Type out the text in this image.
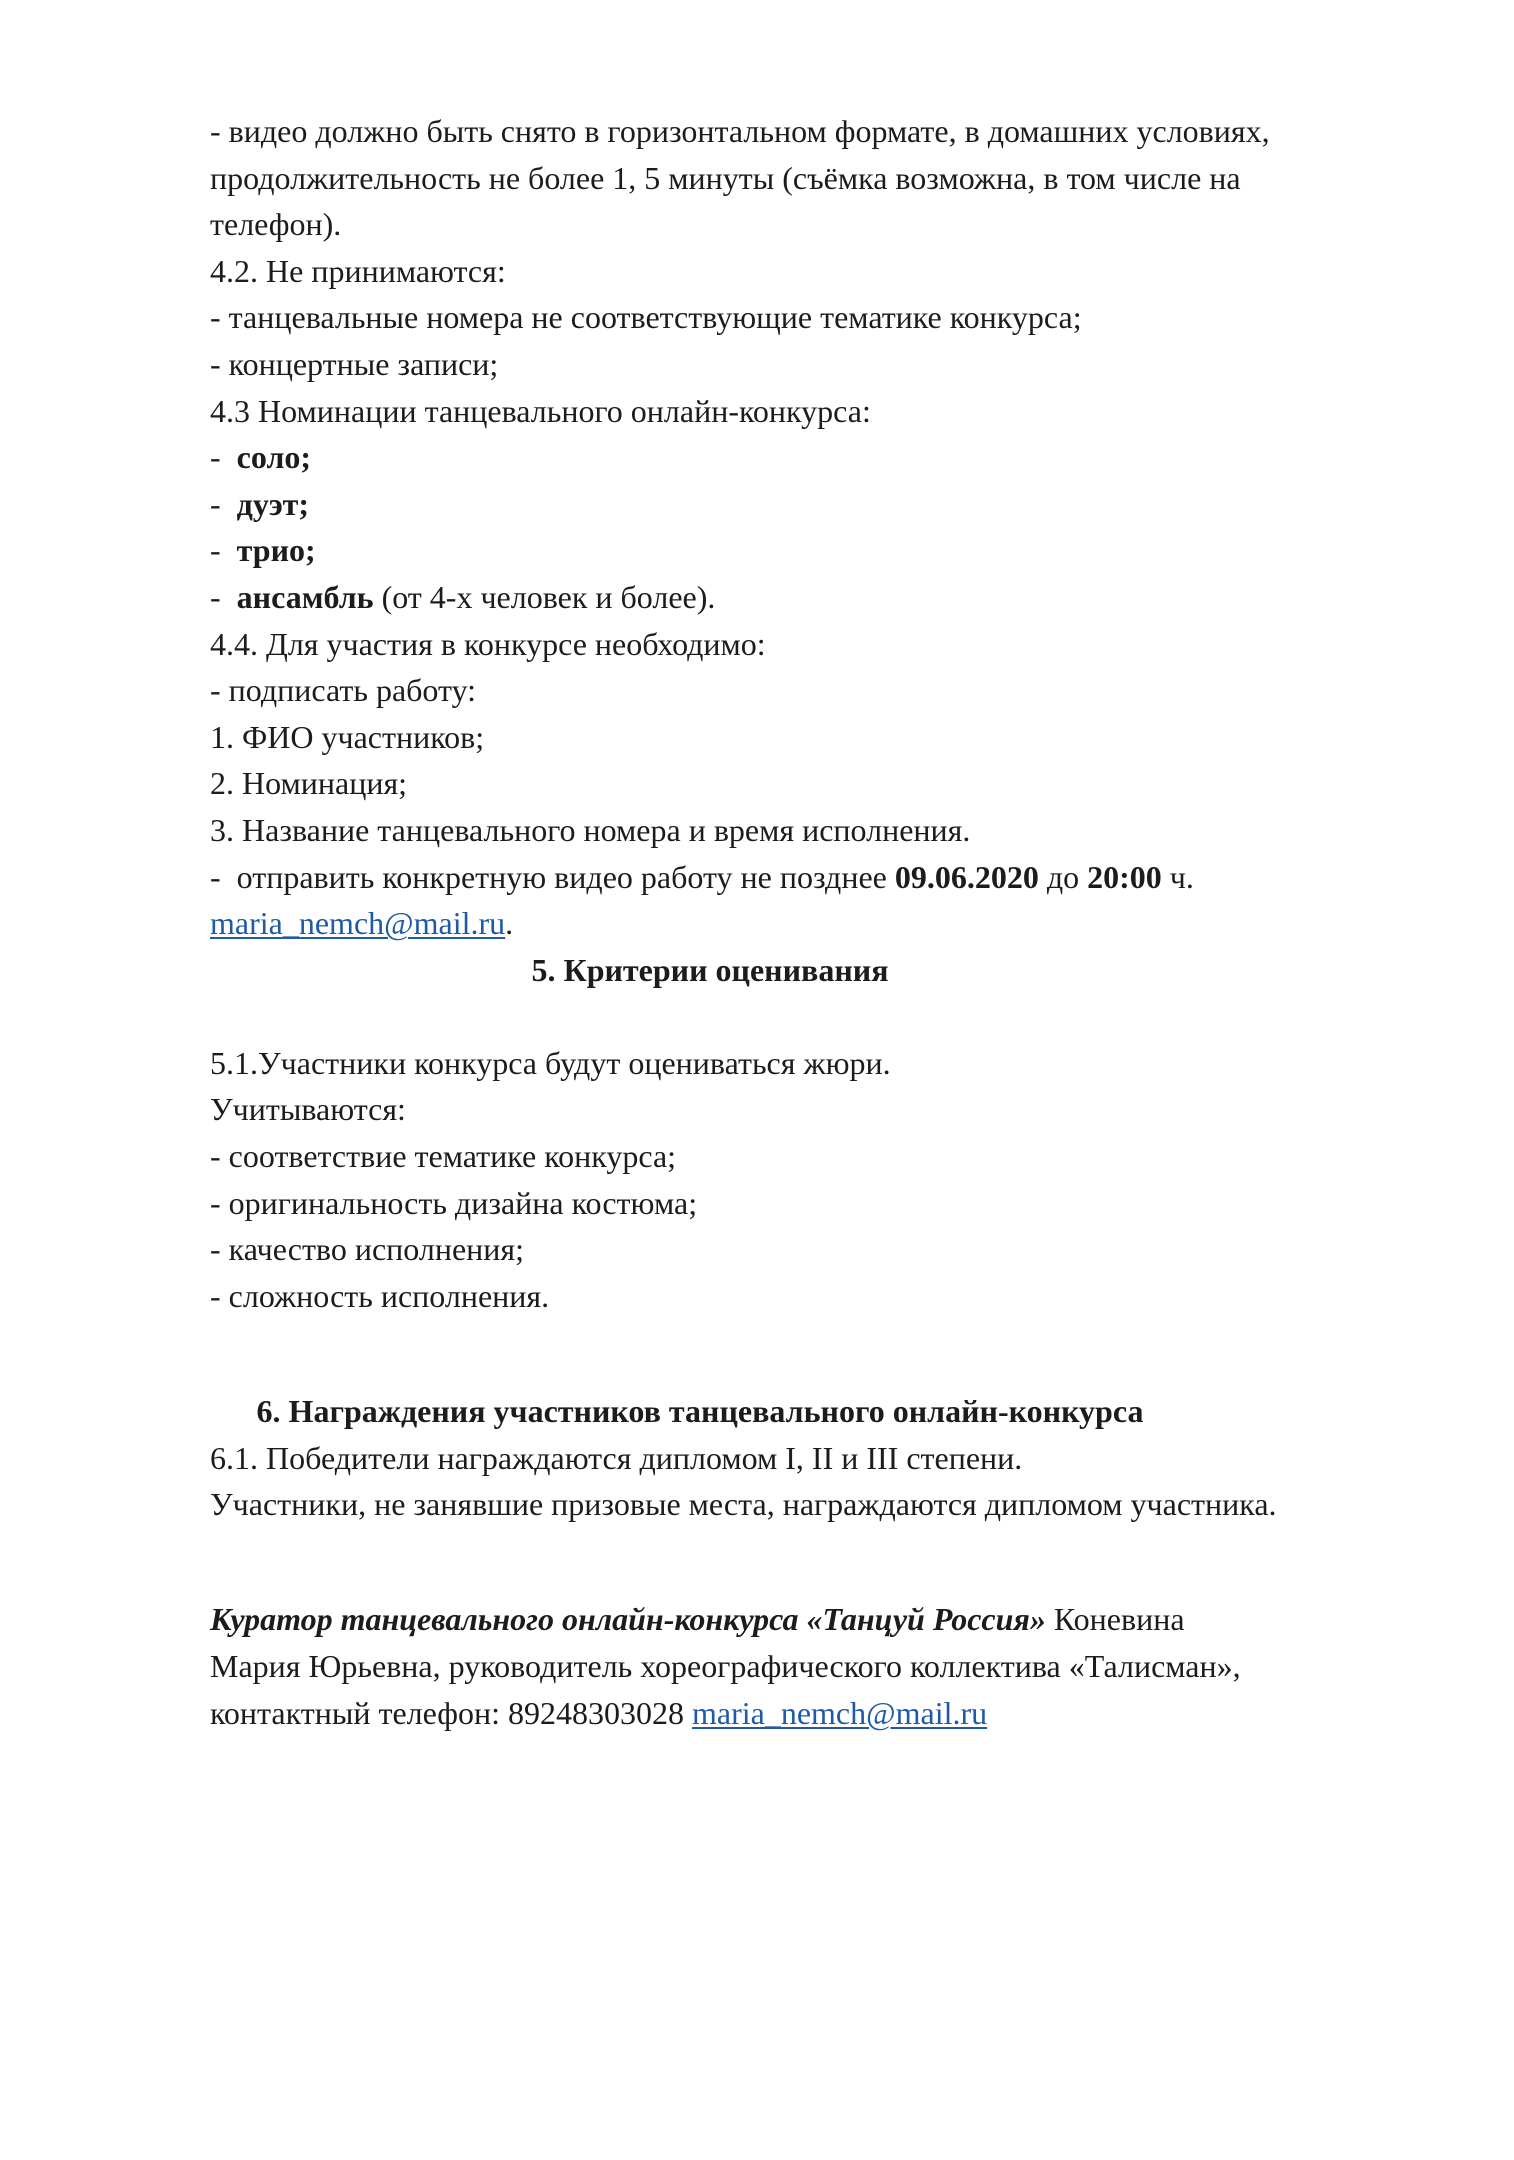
- видео должно быть снято в горизонтальном формате, в домашних условиях,
продолжительность не более 1, 5 минуты (съёмка возможна, в том числе на
телефон).
4.2. Не принимаются:
- танцевальные номера не соответствующие тематике конкурса;
- концертные записи;
4.3 Номинации танцевального онлайн-конкурса:
-  соло;
-  дуэт;
-  трио;
-  ансамбль (от 4-х человек и более).
4.4. Для участия в конкурсе необходимо:
- подписать работу:
1. ФИО участников;
2. Номинация;
3. Название танцевального номера и время исполнения.
-  отправить конкретную видео работу не позднее 09.06.2020 до 20:00 ч.
maria_nemch@mail.ru.
5. Критерии оценивания
5.1.Участники конкурса будут оцениваться жюри.
Учитываются:
- соответствие тематике конкурса;
- оригинальность дизайна костюма;
- качество исполнения;
- сложность исполнения.
6. Награждения участников танцевального онлайн-конкурса
6.1. Победители награждаются дипломом I, II и III степени.
Участники, не занявшие призовые места, награждаются дипломом участника.
Куратор танцевального онлайн-конкурса «Танцуй Россия» Коневина
Мария Юрьевна, руководитель хореографического коллектива «Талисман»,
контактный телефон: 89248303028 maria_nemch@mail.ru
